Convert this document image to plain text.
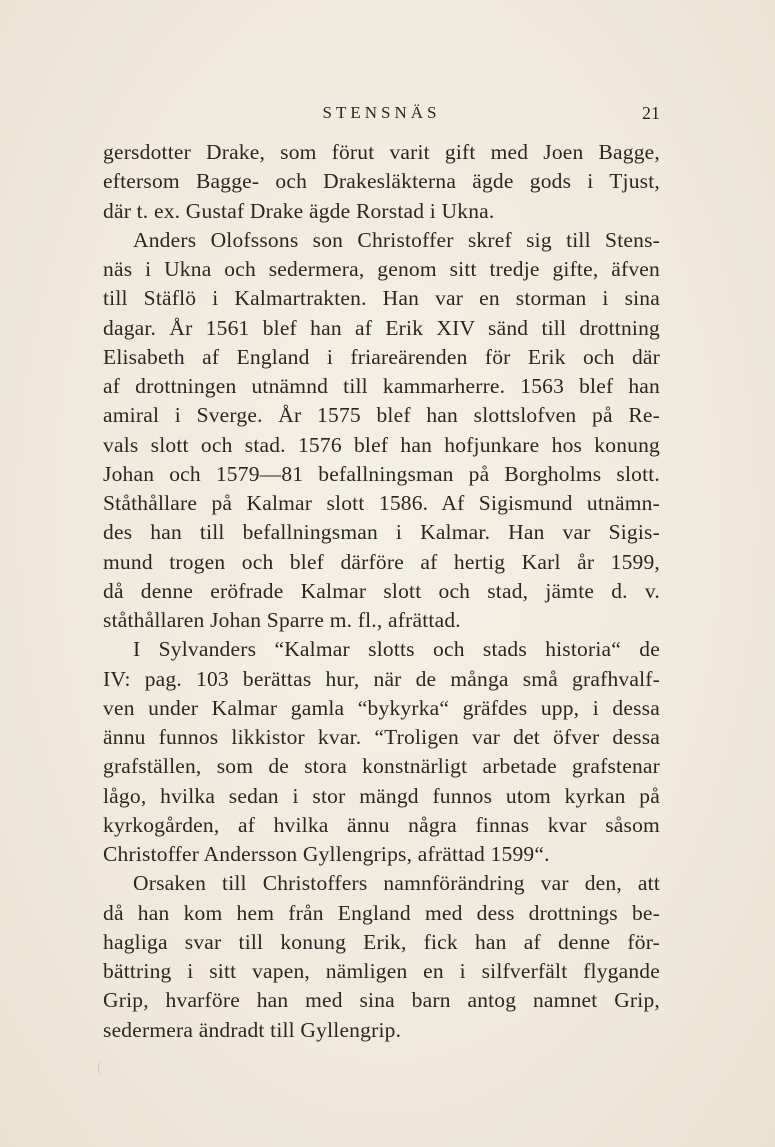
STENSNÄS	21
gersdotter Drake, som förut varit gift med Joen Bagge,
eftersom Bagge- och Drakesläkterna ägde gods i Tjust,
där t. ex. Gustaf Drake ägde Rorstad i Ukna.
Anders Olofssons son Christoffer skref sig till Stens-
näs i Ukna och sedermera, genom sitt tredje gifte, äfven
till Stäflö i Kalmartrakten. Han var en storman i sina
dagar. År 1561 blef han af Erik XIV sänd till drottning
Elisabeth af England i friareärenden för Erik och där
af drottningen utnämnd till kammarherre. 1563 blef han
amiral i Sverge. År 1575 blef han slottslofven på Re-
vals slott och stad. 1576 blef han hofjunkare hos konung
Johan och 1579—81 befallningsman på Borgholms slott.
Ståthållare på Kalmar slott 1586. Af Sigismund utnämn-
des han till befallningsman i Kalmar. Han var Sigis-
mund trogen och blef därföre af hertig Karl år 1599,
då denne eröfrade Kalmar slott och stad, jämte d. v.
ståthållaren Johan Sparre m. fl., afrättad.
I Sylvanders “Kalmar slotts och stads historia“ de
IV: pag. 103 berättas hur, när de många små grafhvalf-
ven under Kalmar gamla “bykyrka“ gräfdes upp, i dessa
ännu funnos likkistor kvar. “Troligen var det öfver dessa
grafställen, som de stora konstnärligt arbetade grafstenar
lågo, hvilka sedan i stor mängd funnos utom kyrkan på
kyrkogården, af hvilka ännu några finnas kvar såsom
Christoffer Andersson Gyllengrips, afrättad 1599“.
Orsaken till Christoffers namnförändring var den, att
då han kom hem från England med dess drottnings be-
hagliga svar till konung Erik, fick han af denne för-
bättring i sitt vapen, nämligen en i silfverfält flygande
Grip, hvarföre han med sina barn antog namnet Grip,
sedermera ändradt till Gyllengrip.
